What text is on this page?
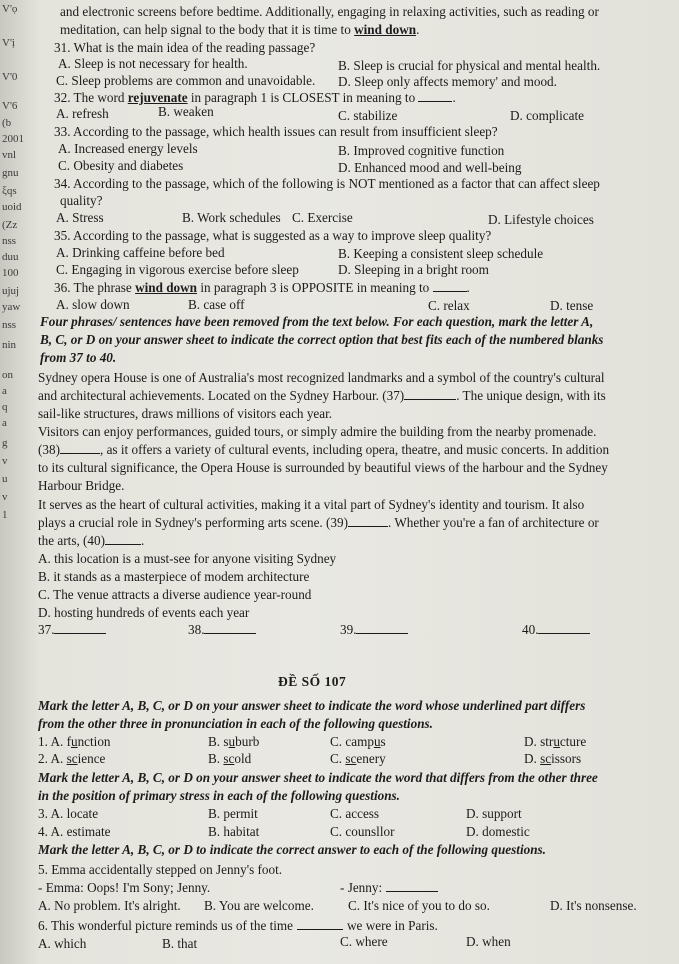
V'ọ
V'ị
V'0
V'6
(b
2001
vnl
gnu
ξqs
uoid
(Zz
nss
duu
100
ujuj
yaw
nss
nin
on
a
q
a
g
v
u
v
1
and electronic screens before bedtime. Additionally, engaging in relaxing activities, such as reading or
meditation, can help signal to the body that it is time to wind down.
31. What is the main idea of the reading passage?
A. Sleep is not necessary for health.	B. Sleep is crucial for physical and mental health.
C. Sleep problems are common and unavoidable. D. Sleep only affects memory' and mood.
32. The word rejuvenate in paragraph 1 is CLOSEST in meaning to	.
A. refresh	B. weaken	C. stabilize	D. complicate
33. According to the passage, which health issues can result from insufficient sleep?
A. Increased energy levels	B. Improved cognitive function
C. Obesity and diabetes	D. Enhanced mood and well-being
34. According to the passage, which of the following is NOT mentioned as a factor that can affect sleep
quality?
A. Stress	B. Work schedules C. Exercise	D. Lifestyle choices
35. According to the passage, what is suggested as a way to improve sleep quality?
A. Drinking caffeine before bed	B. Keeping a consistent sleep schedule
C. Engaging in vigorous exercise before sleep	D. Sleeping in a bright room
36. The phrase wind down in paragraph 3 is OPPOSITE in meaning to	.
A. slow down	B. case off	C. relax	D. tense
Four phrases/ sentences have been removed from the text below. For each question, mark the letter A,
B, C, or D on your answer sheet to indicate the correct option that best fits each of the numbered blanks
from 37 to 40.
Sydney opera House is one of Australia's most recognized landmarks and a symbol of the country's cultural
and architectural achievements. Located on the Sydney Harbour. (37)	. The unique design, with its
sail-like structures, draws millions of visitors each year.
Visitors can enjoy performances, guided tours, or simply admire the building from the nearby promenade.
(38)	, as it offers a variety of cultural events, including opera, theatre, and music concerts. In addition
to its cultural significance, the Opera House is surrounded by beautiful views of the harbour and the Sydney
Harbour Bridge.
It serves as the heart of cultural activities, making it a vital part of Sydney's identity and tourism. It also
plays a crucial role in Sydney's performing arts scene. (39)	. Whether you're a fan of architecture or
the arts, (40)	.
A. this location is a must-see for anyone visiting Sydney
B. it stands as a masterpiece of modem architecture
C. The venue attracts a diverse audience year-round
D. hosting hundreds of events each year
37.	38.	39.	40.
ĐỀ SỐ 107
Mark the letter A, B, C, or D on your answer sheet to indicate the word whose underlined part differs
from the other three in pronunciation in each of the following questions.
1. A. function	B. suburb	C. campus	D. structure
2. A. science	B. scold	C. scenery	D. scissors
Mark the letter A, B, C, or D on your answer sheet to indicate the word that differs from the other three
in the position of primary stress in each of the following questions.
3. A. locate	B. permit	C. access	D. support
4. A. estimate	B. habitat	C. counsllor	D. domestic
Mark the letter A, B, C, or D to indicate the correct answer to each of the following questions.
5. Emma accidentally stepped on Jenny's foot.
- Emma: Oops! I'm Sony; Jenny.	- Jenny:
A. No problem. It's alright. B. You are welcome.	C. It's nice of you to do so.	D. It's nonsense.
6. This wonderful picture reminds us of the time	we were in Paris.
A. which	B. that	C. where	D. when
